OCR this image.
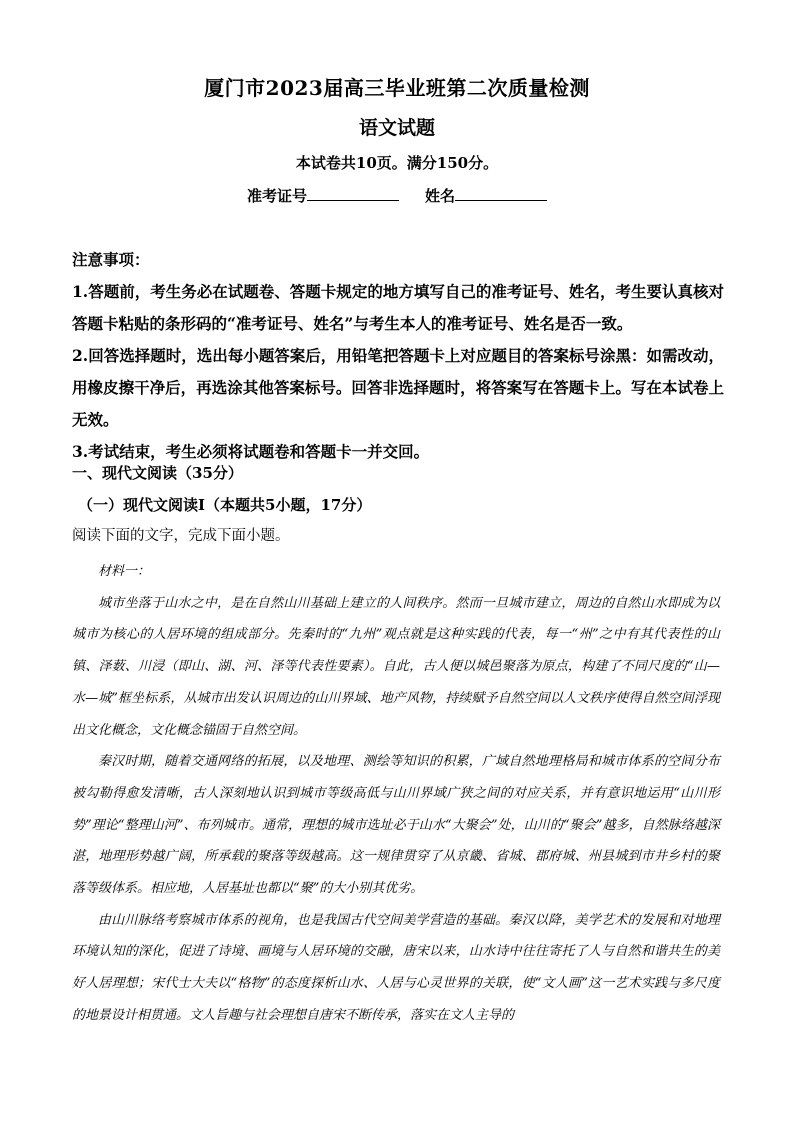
厦门市2023届高三毕业班第二次质量检测
语文试题
本试卷共10页。满分150分。
准考证号	姓名

注意事项：

1.答题前，考生务必在试题卷、答题卡规定的地方填写自己的准考证号、姓名，考生要认真核对答题卡粘贴的条形码的“准考证号、姓名”与考生本人的准考证号、姓名是否一致。

2.回答选择题时，选出每小题答案后，用铅笔把答题卡上对应题目的答案标号涂黑：如需改动，用橡皮擦干净后，再选涂其他答案标号。回答非选择题时，将答案写在答题卡上。写在本试卷上无效。

3.考试结束，考生必须将试题卷和答题卡一并交回。

一、现代文阅读（35分）
（一）现代文阅读Ⅰ（本题共5小题，17分）
阅读下面的文字，完成下面小题。

材料一：

城市坐落于山水之中，是在自然山川基础上建立的人间秩序。然而一旦城市建立，周边的自然山水即成为以城市为核心的人居环境的组成部分。先秦时的“九州”观点就是这种实践的代表，每一“州”之中有其代表性的山镇、泽薮、川浸（即山、湖、河、泽等代表性要素）。自此，古人便以城邑聚落为原点，构建了不同尺度的“山—水—城”框坐标系，从城市出发认识周边的山川界域、地产风物，持续赋予自然空间以人文秩序使得自然空间浮现出文化概念，文化概念锚固于自然空间。

秦汉时期，随着交通网络的拓展，以及地理、测绘等知识的积累，广域自然地理格局和城市体系的空间分布被勾勒得愈发清晰，古人深刻地认识到城市等级高低与山川界域广狭之间的对应关系，并有意识地运用“山川形势”理论“整理山河”、布列城市。通常，理想的城市选址必于山水“大聚会”处，山川的“聚会”越多，自然脉络越深湛，地理形势越广阔，所承载的聚落等级越高。这一规律贯穿了从京畿、省城、郡府城、州县城到市井乡村的聚落等级体系。相应地，人居基址也都以“聚”的大小别其优劣。

由山川脉络考察城市体系的视角，也是我国古代空间美学营造的基础。秦汉以降，美学艺术的发展和对地理环境认知的深化，促进了诗境、画境与人居环境的交融，唐宋以来，山水诗中往往寄托了人与自然和谐共生的美好人居理想；宋代士大夫以“格物”的态度探析山水、人居与心灵世界的关联，使“文人画”这一艺术实践与多尺度的地景设计相贯通。文人旨趣与社会理想自唐宋不断传承，落实在文人主导的
